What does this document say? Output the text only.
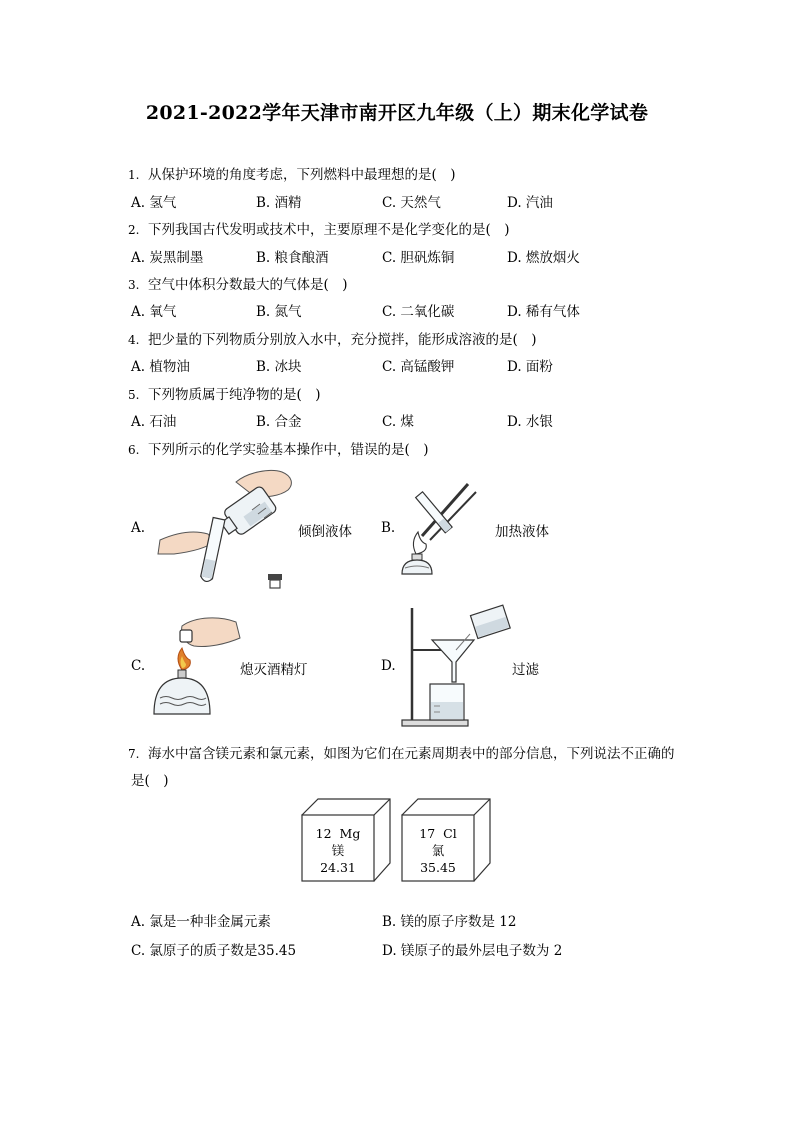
2021-2022学年天津市南开区九年级（上）期末化学试卷
1. 从保护环境的角度考虑，下列燃料中最理想的是(　)
A. 氢气	B. 酒精	C. 天然气	D. 汽油
2. 下列我国古代发明或技术中，主要原理不是化学变化的是(　)
A. 炭黑制墨	B. 粮食酿酒	C. 胆矾炼铜	D. 燃放烟火
3. 空气中体积分数最大的气体是(　)
A. 氧气	B. 氮气	C. 二氧化碳	D. 稀有气体
4. 把少量的下列物质分别放入水中，充分搅拌，能形成溶液的是(　)
A. 植物油	B. 冰块	C. 高锰酸钾	D. 面粉
5. 下列物质属于纯净物的是(　)
A. 石油	B. 合金	C. 煤	D. 水银
6. 下列所示的化学实验基本操作中，错误的是(　)
A.	倾倒液体 B.	加热液体
C.	熄灭酒精灯	D.	过滤
7. 海水中富含镁元素和氯元素，如图为它们在元素周期表中的部分信息，下列说法不正确的
是(　)
12 Mg
镁
24.31
17 Cl
氯
35.45
A. 氯是一种非金属元素	B. 镁的原子序数是 12
C. 氯原子的质子数是35.45	D. 镁原子的最外层电子数为 2
